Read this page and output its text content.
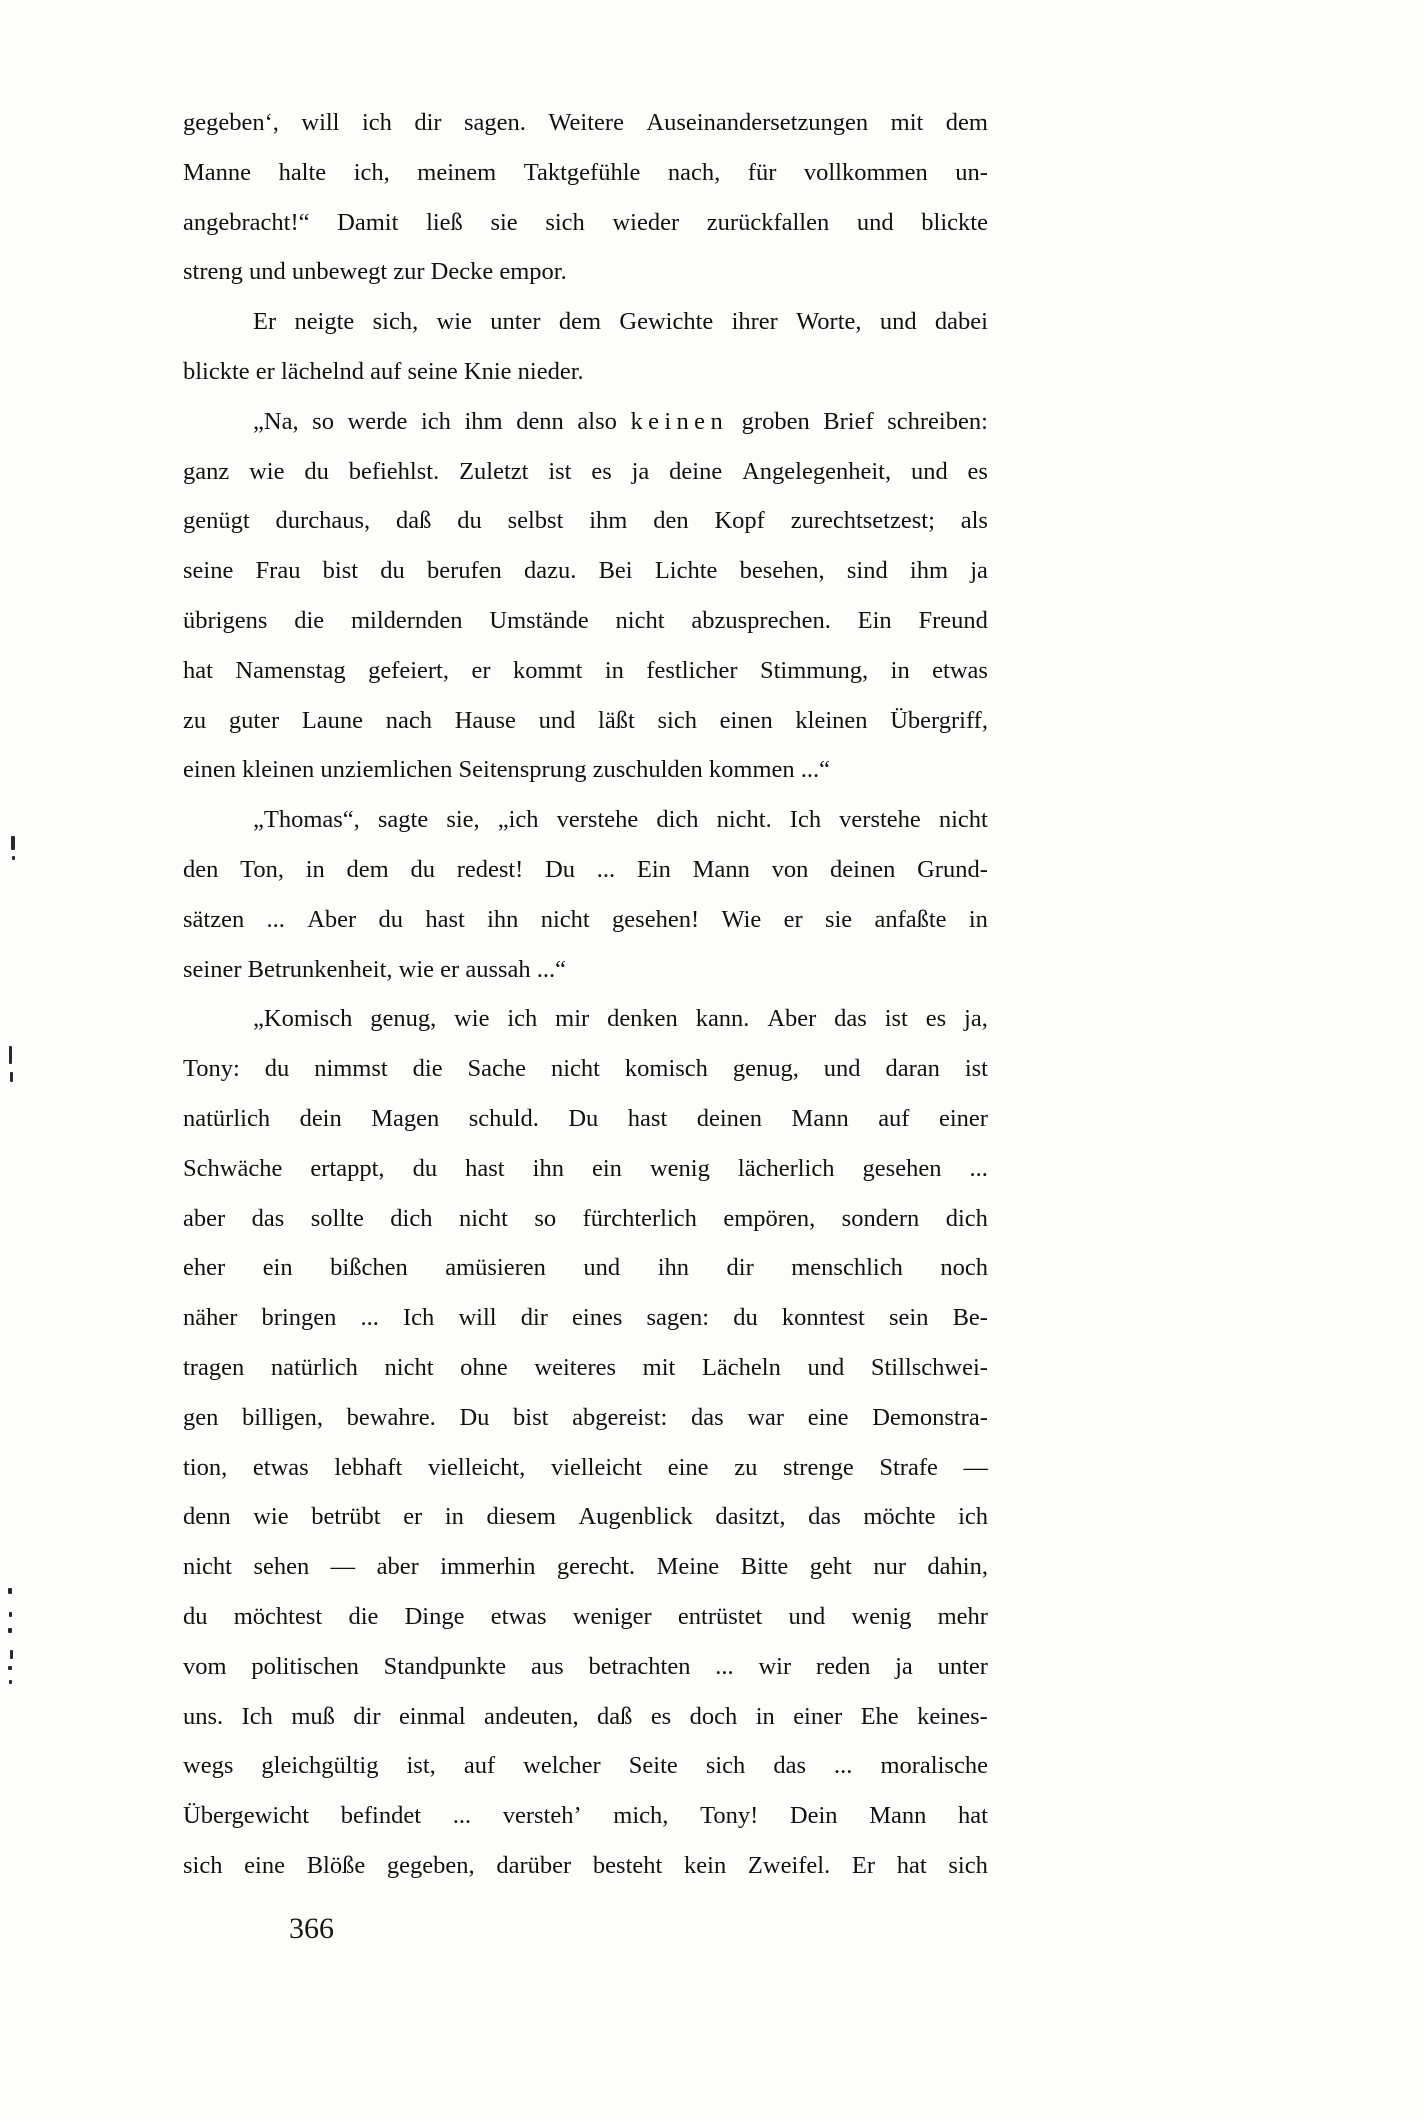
gegeben‘, will ich dir sagen. Weitere Auseinandersetzungen mit dem
Manne halte ich, meinem Taktgefühle nach, für vollkommen un-
angebracht!“ Damit ließ sie sich wieder zurückfallen und blickte
streng und unbewegt zur Decke empor.
Er neigte sich, wie unter dem Gewichte ihrer Worte, und dabei
blickte er lächelnd auf seine Knie nieder.
„Na, so werde ich ihm denn also keinen groben Brief schreiben:
ganz wie du befiehlst. Zuletzt ist es ja deine Angelegenheit, und es
genügt durchaus, daß du selbst ihm den Kopf zurechtsetzest; als
seine Frau bist du berufen dazu. Bei Lichte besehen, sind ihm ja
übrigens die mildernden Umstände nicht abzusprechen. Ein Freund
hat Namenstag gefeiert, er kommt in festlicher Stimmung, in etwas
zu guter Laune nach Hause und läßt sich einen kleinen Übergriff,
einen kleinen unziemlichen Seitensprung zuschulden kommen ...“
„Thomas“, sagte sie, „ich verstehe dich nicht. Ich verstehe nicht
den Ton, in dem du redest! Du ... Ein Mann von deinen Grund-
sätzen ... Aber du hast ihn nicht gesehen! Wie er sie anfaßte in
seiner Betrunkenheit, wie er aussah ...“
„Komisch genug, wie ich mir denken kann. Aber das ist es ja,
Tony: du nimmst die Sache nicht komisch genug, und daran ist
natürlich dein Magen schuld. Du hast deinen Mann auf einer
Schwäche ertappt, du hast ihn ein wenig lächerlich gesehen ...
aber das sollte dich nicht so fürchterlich empören, sondern dich
eher ein bißchen amüsieren und ihn dir menschlich noch
näher bringen ... Ich will dir eines sagen: du konntest sein Be-
tragen natürlich nicht ohne weiteres mit Lächeln und Stillschwei-
gen billigen, bewahre. Du bist abgereist: das war eine Demonstra-
tion, etwas lebhaft vielleicht, vielleicht eine zu strenge Strafe —
denn wie betrübt er in diesem Augenblick dasitzt, das möchte ich
nicht sehen — aber immerhin gerecht. Meine Bitte geht nur dahin,
du möchtest die Dinge etwas weniger entrüstet und wenig mehr
vom politischen Standpunkte aus betrachten ... wir reden ja unter
uns. Ich muß dir einmal andeuten, daß es doch in einer Ehe keines-
wegs gleichgültig ist, auf welcher Seite sich das ... moralische
Übergewicht befindet ... versteh’ mich, Tony! Dein Mann hat
sich eine Blöße gegeben, darüber besteht kein Zweifel. Er hat sich
366
